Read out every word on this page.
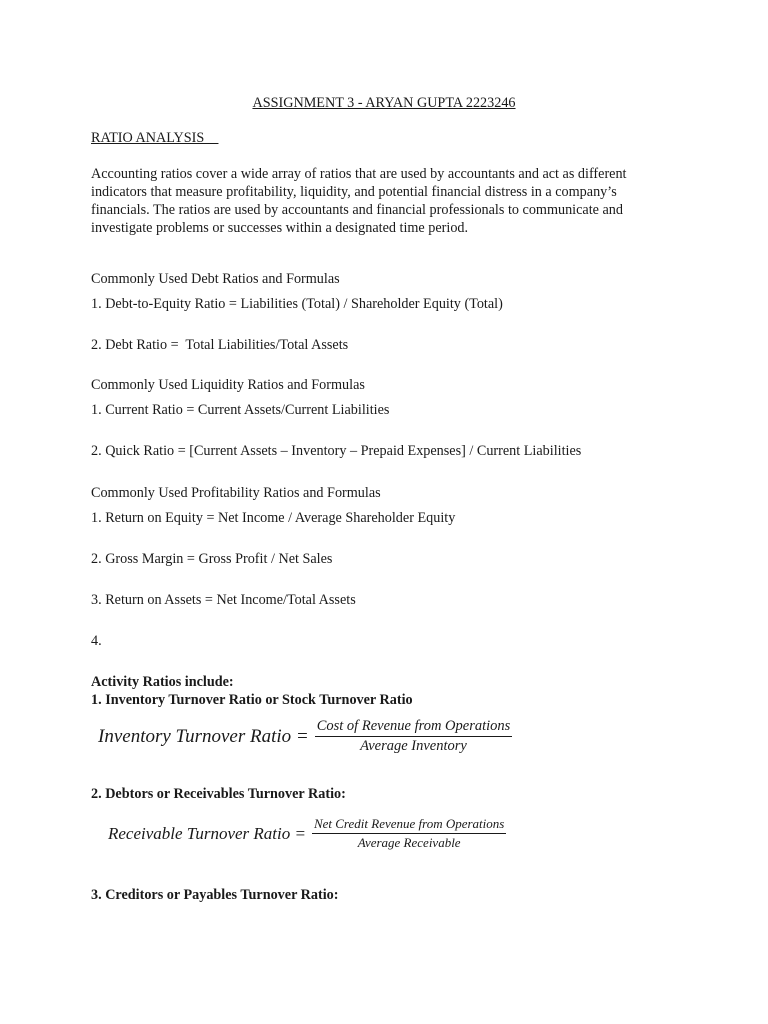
ASSIGNMENT 3 - ARYAN GUPTA 2223246
RATIO ANALYSIS
Accounting ratios cover a wide array of ratios that are used by accountants and act as different indicators that measure profitability, liquidity, and potential financial distress in a company’s financials. The ratios are used by accountants and financial professionals to communicate and investigate problems or successes within a designated time period.
Commonly Used Debt Ratios and Formulas
1. Debt-to-Equity Ratio = Liabilities (Total) / Shareholder Equity (Total)
2. Debt Ratio =  Total Liabilities/Total Assets
Commonly Used Liquidity Ratios and Formulas
1. Current Ratio = Current Assets/Current Liabilities
2. Quick Ratio = [Current Assets – Inventory – Prepaid Expenses] / Current Liabilities
Commonly Used Profitability Ratios and Formulas
1. Return on Equity = Net Income / Average Shareholder Equity
2. Gross Margin = Gross Profit / Net Sales
3. Return on Assets = Net Income/Total Assets
4.
Activity Ratios include:
1. Inventory Turnover Ratio or Stock Turnover Ratio
Inventory Turnover Ratio = $\frac{\text{Cost of Revenue from Operations}}{\text{Average Inventory}}$
2. Debtors or Receivables Turnover Ratio:
Receivable Turnover Ratio = $\frac{\text{Net Credit Revenue from Operations}}{\text{Average Receivable}}$
3. Creditors or Payables Turnover Ratio:
